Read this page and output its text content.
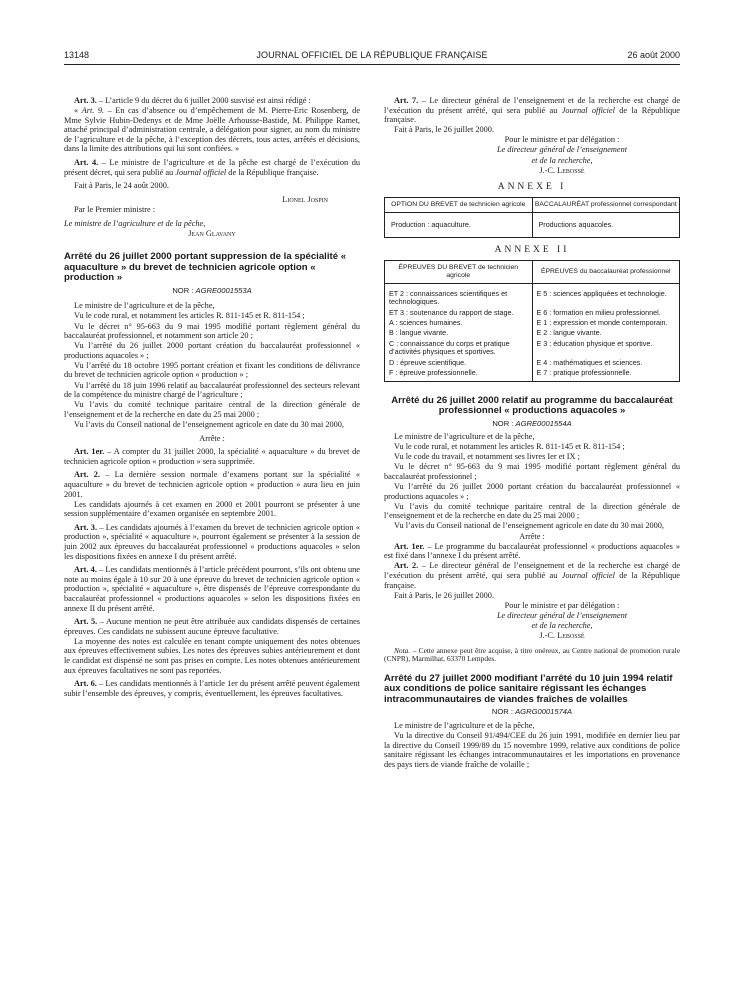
13148	JOURNAL OFFICIEL DE LA RÉPUBLIQUE FRANÇAISE	26 août 2000

Art. 3. – L’article 9 du décret du 6 juillet 2000 susvisé est ainsi rédigé :

« Art. 9. – En cas d’absence ou d’empêchement de M. Pierre-Eric Rosenberg, de Mme Sylvie Hubin-Dedenys et de Mme Joëlle Arhousse-Bastide, M. Philippe Ramet, attaché principal d’administration centrale, a délégation pour signer, au nom du ministre de l’agriculture et de la pêche, à l’exception des décrets, tous actes, arrêtés et décisions, dans la limite des attributions qui lui sont confiées. »

Art. 4. – Le ministre de l’agriculture et de la pêche est chargé de l’exécution du présent décret, qui sera publié au Journal officiel de la République française.

Fait à Paris, le 24 août 2000.

Lionel Jospin

Par le Premier ministre :

Le ministre de l’agriculture et de la pêche,

Jean Glavany

Arrêté du 26 juillet 2000 portant suppression de la spécialité « aquaculture » du brevet de technicien agricole option « production »
NOR : AGRE0001553A

Le ministre de l’agriculture et de la pêche,

Vu le code rural, et notamment les articles R. 811-145 et R. 811-154 ;

Vu le décret n° 95-663 du 9 mai 1995 modifié portant règlement général du baccalauréat professionnel, et notamment son article 20 ;

Vu l’arrêté du 26 juillet 2000 portant création du baccalauréat professionnel « productions aquacoles » ;

Vu l’arrêté du 18 octobre 1995 portant création et fixant les conditions de délivrance du brevet de technicien agricole option « production » ;

Vu l’arrêté du 18 juin 1996 relatif au baccalauréat professionnel des secteurs relevant de la compétence du ministre chargé de l’agriculture ;

Vu l’avis du comité technique paritaire central de la direction générale de l’enseignement et de la recherche en date du 25 mai 2000 ;

Vu l’avis du Conseil national de l’enseignement agricole en date du 30 mai 2000,

Arrête :

Art. 1er. – A compter du 31 juillet 2000, la spécialité « aquaculture » du brevet de technicien agricole option « production » sera supprimée.

Art. 2. – La dernière session normale d’examens portant sur la spécialité « aquaculture » du brevet de technicien agricole option « production » aura lieu en juin 2001.

Les candidats ajournés à cet examen en 2000 et 2001 pourront se présenter à une session supplémentaire d’examen organisée en septembre 2001.

Art. 3. – Les candidats ajournés à l’examen du brevet de technicien agricole option « production », spécialité « aquaculture », pourront également se présenter à la session de juin 2002 aux épreuves du baccalauréat professionnel « productions aquacoles » selon les dispositions fixées en annexe I du présent arrêté.

Art. 4. – Les candidats mentionnés à l’article précédent pourront, s’ils ont obtenu une note au moins égale à 10 sur 20 à une épreuve du brevet de technicien agricole option « production », spécialité « aquaculture », être dispensés de l’épreuve correspondante du baccalauréat professionnel « productions aquacoles » selon les dispositions fixées en annexe II du présent arrêté.

Art. 5. – Aucune mention ne peut être attribuée aux candidats dispensés de certaines épreuves. Ces candidats ne subissent aucune épreuve facultative.

La moyenne des notes est calculée en tenant compte uniquement des notes obtenues aux épreuves effectivement subies. Les notes des épreuves subies antérieurement et dont le candidat est dispensé ne sont pas prises en compte. Les notes obtenues antérieurement aux épreuves facultatives ne sont pas reportées.

Art. 6. – Les candidats mentionnés à l’article 1er du présent arrêté peuvent également subir l’ensemble des épreuves, y compris, éventuellement, les épreuves facultatives.

Art. 7. – Le directeur général de l’enseignement et de la recherche est chargé de l’exécution du présent arrêté, qui sera publié au Journal officiel de la République française.

Fait à Paris, le 26 juillet 2000.

Pour le ministre et par délégation :

Le directeur général de l’enseignement

et de la recherche,

J.-C. Lebossé

ANNEXE I
OPTION DU BREVET de technicien agricole	BACCALAURÉAT professionnel correspondant
Production : aquaculture.	Productions aquacoles.
ANNEXE II
ÉPREUVES DU BREVET de technicien agricole	ÉPREUVES du baccalauréat professionnel
ET 2 : connaissances scientifiques et technologiques.	E 5 : sciences appliquées et technologie.
ET 3 : soutenance du rapport de stage.	E 6 : formation en milieu professionnel.
A : sciences humaines.	E 1 : expression et monde contemporain.
B : langue vivante.	E 2 : langue vivante.
C : connaissance du corps et pratique d’activités physiques et sportives.	E 3 : éducation physique et sportive.
D : épreuve scientifique.	E 4 : mathématiques et sciences.
F : épreuve professionnelle.	E 7 : pratique professionnelle.
Arrêté du 26 juillet 2000 relatif au programme du baccalauréat professionnel « productions aquacoles »
NOR : AGRE0001554A

Le ministre de l’agriculture et de la pêche,

Vu le code rural, et notamment les articles R. 811-145 et R. 811-154 ;

Vu le code du travail, et notamment ses livres Ier et IX ;

Vu le décret n° 95-663 du 9 mai 1995 modifié portant règlement général du baccalauréat professionnel ;

Vu l’arrêté du 26 juillet 2000 portant création du baccalauréat professionnel « productions aquacoles » ;

Vu l’avis du comité technique paritaire central de la direction générale de l’enseignement et de la recherche en date du 25 mai 2000 ;

Vu l’avis du Conseil national de l’enseignement agricole en date du 30 mai 2000,

Arrête :

Art. 1er. – Le programme du baccalauréat professionnel « productions aquacoles » est fixé dans l’annexe I du présent arrêté.

Art. 2. – Le directeur général de l’enseignement et de la recherche est chargé de l’exécution du présent arrêté, qui sera publié au Journal officiel de la République française.

Fait à Paris, le 26 juillet 2000.

Pour le ministre et par délégation :

Le directeur général de l’enseignement

et de la recherche,

J.-C. Lebossé

Nota. – Cette annexe peut être acquise, à titre onéreux, au Centre national de promotion rurale (CNPR), Marmilhat, 63370 Lempdes.
Arrêté du 27 juillet 2000 modifiant l’arrêté du 10 juin 1994 relatif aux conditions de police sanitaire régissant les échanges intracommunautaires de viandes fraîches de volailles
NOR : AGRG0001574A

Le ministre de l’agriculture et de la pêche,

Vu la directive du Conseil 91/494/CEE du 26 juin 1991, modifiée en dernier lieu par la directive du Conseil 1999/89 du 15 novembre 1999, relative aux conditions de police sanitaire régissant les échanges intracommunautaires et les importations en provenance des pays tiers de viande fraîche de volaille ;
